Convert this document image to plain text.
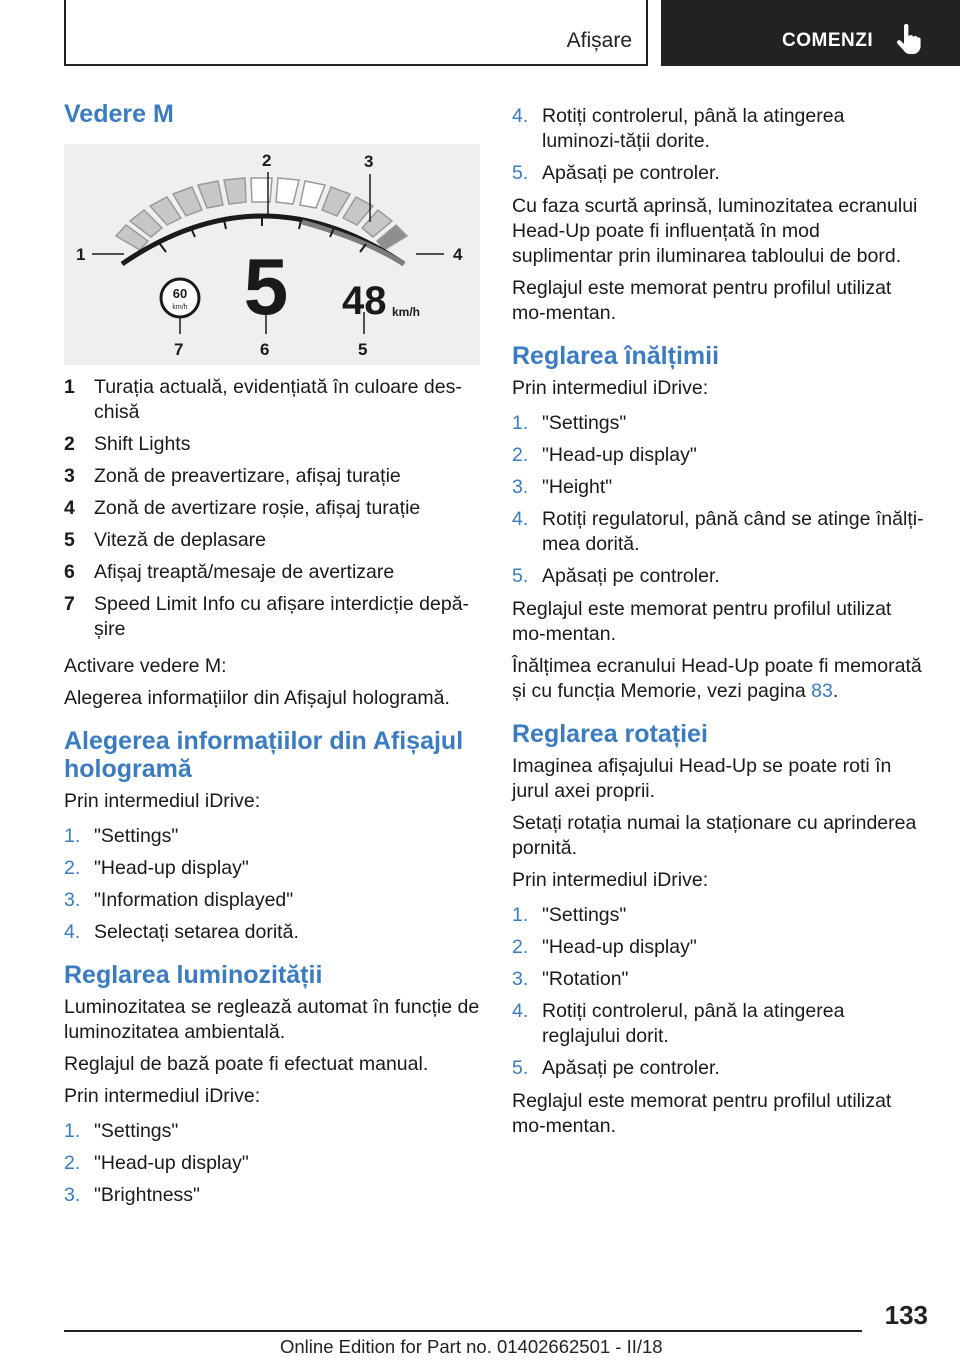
Afișare	COMENZI
Vedere M
1
2	3
4
5
6
7
60
km/h 5 48 km/h
1 Turația actuală, evidențiată în culoare des-chisă
2 Shift Lights
3 Zonă de preavertizare, afișaj turație
4 Zonă de avertizare roșie, afișaj turație
5 Viteză de deplasare
6 Afișaj treaptă/mesaje de avertizare
7 Speed Limit Info cu afișare interdicție depă-șire

Activare vedere M:

Alegerea informațiilor din Afișajul hologramă.

Alegerea informațiilor din Afișajul hologramă

Prin intermediul iDrive:

1. "Settings"
2. "Head-up display"
3. "Information displayed"
4. Selectați setarea dorită.
Reglarea luminozității

Luminozitatea se reglează automat în funcție de luminozitatea ambientală.

Reglajul de bază poate fi efectuat manual.

Prin intermediul iDrive:

1. "Settings"
2. "Head-up display"
3. "Brightness"
4. Rotiți controlerul, până la atingerea luminozi-tății dorite.
5. Apăsați pe controler.

Cu faza scurtă aprinsă, luminozitatea ecranului Head-Up poate fi influențată în mod suplimentar prin iluminarea tabloului de bord.

Reglajul este memorat pentru profilul utilizat mo-mentan.

Reglarea înălțimii

Prin intermediul iDrive:

1. "Settings"
2. "Head-up display"
3. "Height"
4. Rotiți regulatorul, până când se atinge înălți-mea dorită.
5. Apăsați pe controler.

Reglajul este memorat pentru profilul utilizat mo-mentan.

Înălțimea ecranului Head-Up poate fi memorată și cu funcția Memorie, vezi pagina 83.

Reglarea rotației

Imaginea afișajului Head-Up se poate roti în jurul axei proprii.

Setați rotația numai la staționare cu aprinderea pornită.

Prin intermediul iDrive:

1. "Settings"
2. "Head-up display"
3. "Rotation"
4. Rotiți controlerul, până la atingerea reglajului dorit.
5. Apăsați pe controler.

Reglajul este memorat pentru profilul utilizat mo-mentan.

133
Online Edition for Part no. 01402662501 - II/18
